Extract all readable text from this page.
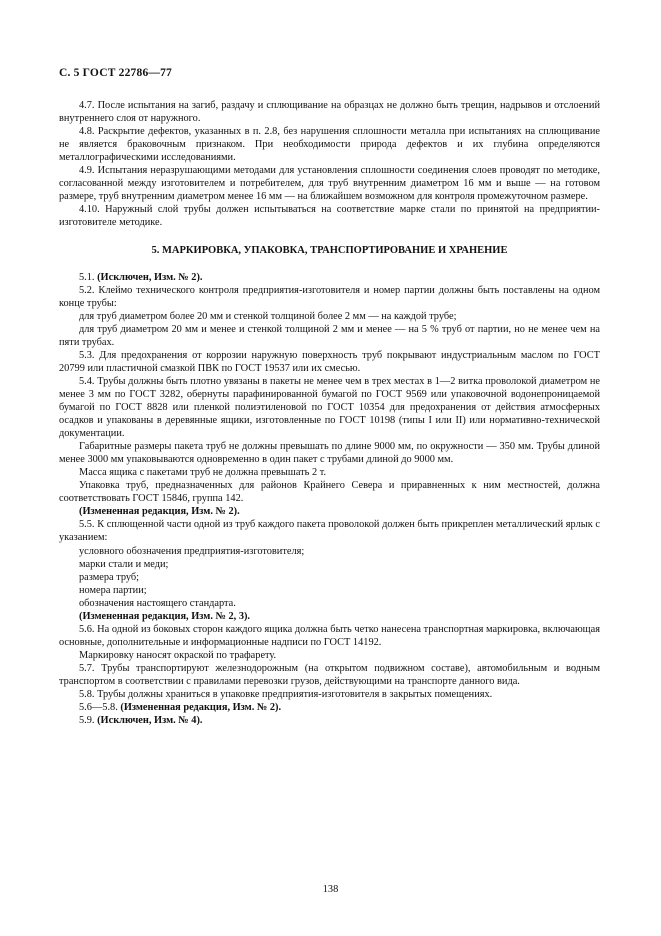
С. 5 ГОСТ 22786—77

4.7. После испытания на загиб, раздачу и сплющивание на образцах не должно быть трещин, надрывов и отслоений внутреннего слоя от наружного.

4.8. Раскрытие дефектов, указанных в п. 2.8, без нарушения сплошности металла при испытаниях на сплющивание не является браковочным признаком. При необходимости природа дефектов и их глубина определяются металлографическими исследованиями.

4.9. Испытания неразрушающими методами для установления сплошности соединения слоев проводят по методике, согласованной между изготовителем и потребителем, для труб внутренним диаметром 16 мм и выше — на готовом размере, труб внутренним диаметром менее 16 мм — на ближайшем возможном для контроля промежуточном размере.

4.10. Наружный слой трубы должен испытываться на соответствие марке стали по принятой на предприятии-изготовителе методике.

5. МАРКИРОВКА, УПАКОВКА, ТРАНСПОРТИРОВАНИЕ И ХРАНЕНИЕ

5.1. (Исключен, Изм. № 2).

5.2. Клеймо технического контроля предприятия-изготовителя и номер партии должны быть поставлены на одном конце трубы:

для труб диаметром более 20 мм и стенкой толщиной более 2 мм — на каждой трубе;

для труб диаметром 20 мм и менее и стенкой толщиной 2 мм и менее — на 5 % труб от партии, но не менее чем на пяти трубах.

5.3. Для предохранения от коррозии наружную поверхность труб покрывают индустриальным маслом по ГОСТ 20799 или пластичной смазкой ПВК по ГОСТ 19537 или их смесью.

5.4. Трубы должны быть плотно увязаны в пакеты не менее чем в трех местах в 1—2 витка проволокой диаметром не менее 3 мм по ГОСТ 3282, обернуты парафинированной бумагой по ГОСТ 9569 или упаковочной водонепроницаемой бумагой по ГОСТ 8828 или пленкой полиэтиленовой по ГОСТ 10354 для предохранения от действия атмосферных осадков и упакованы в деревянные ящики, изготовленные по ГОСТ 10198 (типы I или II) или нормативно-технической документации.

Габаритные размеры пакета труб не должны превышать по длине 9000 мм, по окружности — 350 мм. Трубы длиной менее 3000 мм упаковываются одновременно в один пакет с трубами длиной до 9000 мм.

Масса ящика с пакетами труб не должна превышать 2 т.

Упаковка труб, предназначенных для районов Крайнего Севера и приравненных к ним местностей, должна соответствовать ГОСТ 15846, группа 142.

(Измененная редакция, Изм. № 2).

5.5. К сплющенной части одной из труб каждого пакета проволокой должен быть прикреплен металлический ярлык с указанием:

условного обозначения предприятия-изготовителя;

марки стали и меди;

размера труб;

номера партии;

обозначения настоящего стандарта.

(Измененная редакция, Изм. № 2, 3).

5.6. На одной из боковых сторон каждого ящика должна быть четко нанесена транспортная маркировка, включающая основные, дополнительные и информационные надписи по ГОСТ 14192.

Маркировку наносят окраской по трафарету.

5.7. Трубы транспортируют железнодорожным (на открытом подвижном составе), автомобильным и водным транспортом в соответствии с правилами перевозки грузов, действующими на транспорте данного вида.

5.8. Трубы должны храниться в упаковке предприятия-изготовителя в закрытых помещениях.

5.6—5.8. (Измененная редакция, Изм. № 2).

5.9. (Исключен, Изм. № 4).

138
